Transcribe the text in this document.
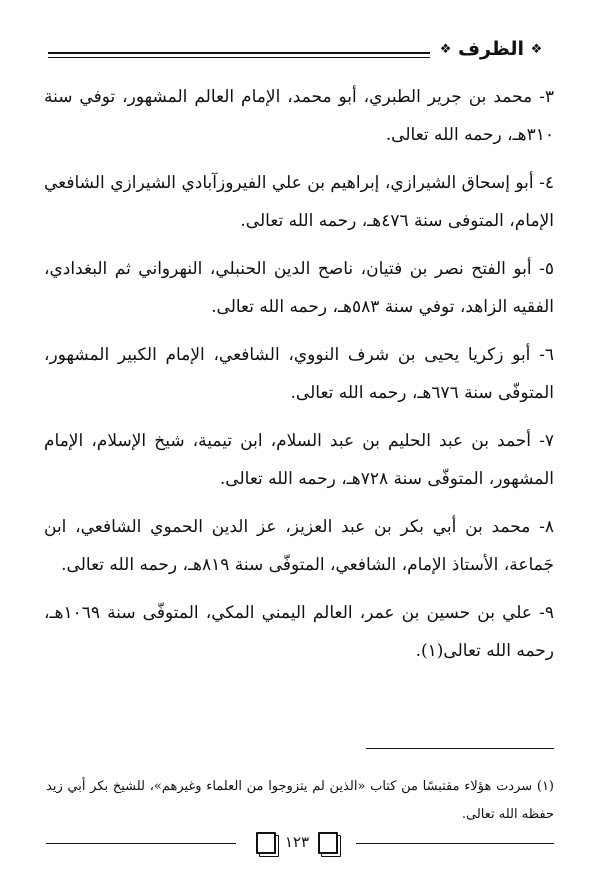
❖ الظرف ❖

٣- محمد بن جرير الطبري، أبو محمد، الإمام العالم المشهور، توفي سنة ٣١٠هـ، رحمه الله تعالى.

٤- أبو إسحاق الشيرازي، إبراهيم بن علي الفيروزآبادي الشيرازي الشافعي الإمام، المتوفى سنة ٤٧٦هـ، رحمه الله تعالى.

٥- أبو الفتح نصر بن فتيان، ناصح الدين الحنبلي، النهرواني ثم البغدادي، الفقيه الزاهد، توفي سنة ٥٨٣هـ، رحمه الله تعالى.

٦- أبو زكريا يحيى بن شرف النووي، الشافعي، الإمام الكبير المشهور، المتوفّى سنة ٦٧٦هـ، رحمه الله تعالى.

٧- أحمد بن عبد الحليم بن عبد السلام، ابن تيمية، شيخ الإسلام، الإمام المشهور، المتوفّى سنة ٧٢٨هـ، رحمه الله تعالى.

٨- محمد بن أبي بكر بن عبد العزيز، عز الدين الحموي الشافعي، ابن جَماعة، الأستاذ الإمام، الشافعي، المتوفّى سنة ٨١٩هـ، رحمه الله تعالى.

٩- علي بن حسين بن عمر، العالم اليمني المكي، المتوفّى سنة ١٠٦٩هـ، رحمه الله تعالى(١).

(١) سردت هؤلاء مقتبسًا من كتاب «الذين لم يتزوجوا من العلماء وغيرهم»، للشيخ بكر أبي زيد حفظه الله تعالى.

١٢٣
